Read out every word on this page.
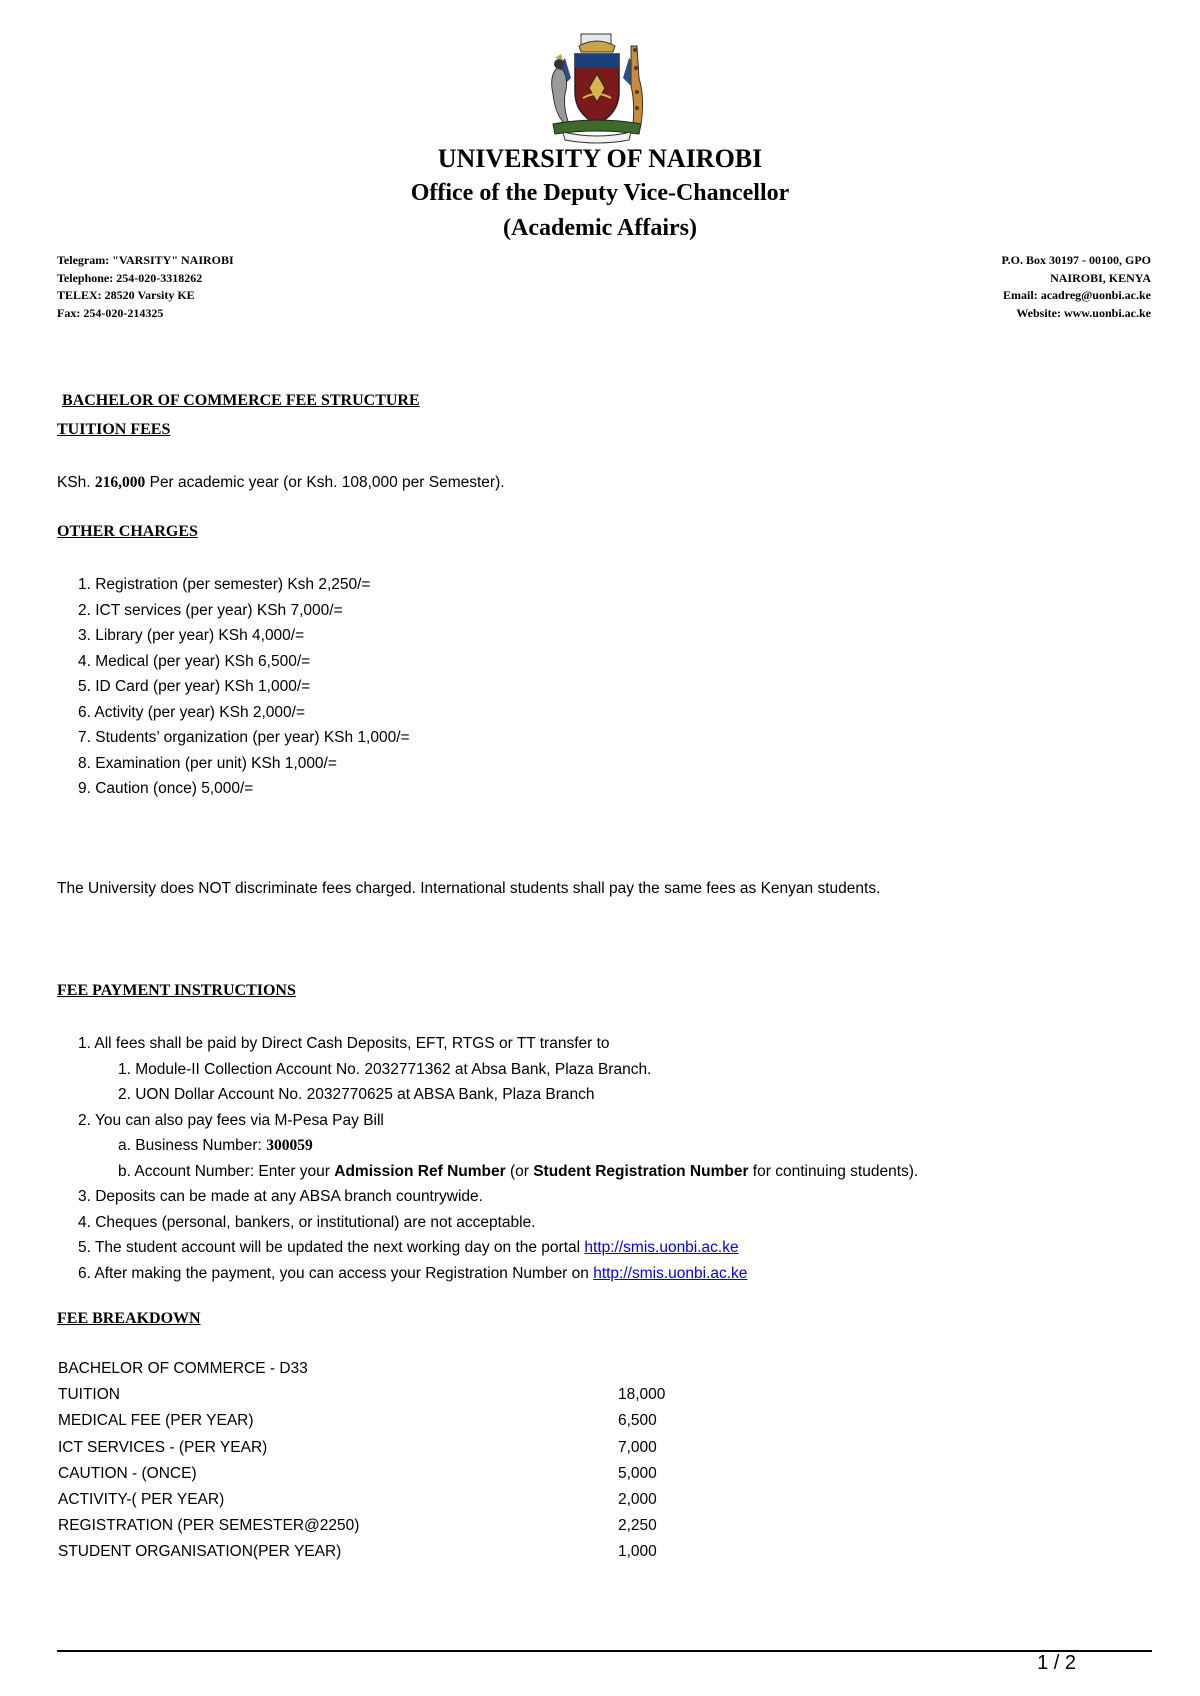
UNIVERSITY OF NAIROBI
Office of the Deputy Vice-Chancellor
(Academic Affairs)
Telegram: "VARSITY" NAIROBI
Telephone: 254-020-3318262
TELEX: 28520 Varsity KE
Fax: 254-020-214325
P.O. Box 30197 - 00100, GPO
NAIROBI, KENYA
Email: acadreg@uonbi.ac.ke
Website: www.uonbi.ac.ke
BACHELOR OF COMMERCE FEE STRUCTURE
TUITION FEES
KSh. 216,000 Per academic year (or Ksh. 108,000 per Semester).
OTHER CHARGES
1. Registration (per semester) Ksh 2,250/=
2. ICT services (per year) KSh 7,000/=
3. Library (per year) KSh 4,000/=
4. Medical (per year) KSh 6,500/=
5. ID Card (per year) KSh 1,000/=
6. Activity (per year) KSh 2,000/=
7. Students’ organization (per year) KSh 1,000/=
8. Examination (per unit) KSh 1,000/=
9. Caution (once) 5,000/=
The University does NOT discriminate fees charged. International students shall pay the same fees as Kenyan students.
FEE PAYMENT INSTRUCTIONS
1. All fees shall be paid by Direct Cash Deposits, EFT, RTGS or TT transfer to
1. Module-II Collection Account No. 2032771362 at Absa Bank, Plaza Branch.
2. UON Dollar Account No. 2032770625 at ABSA Bank, Plaza Branch
2. You can also pay fees via M-Pesa Pay Bill
a. Business Number: 300059
b. Account Number: Enter your Admission Ref Number (or Student Registration Number for continuing students).
3. Deposits can be made at any ABSA branch countrywide.
4. Cheques (personal, bankers, or institutional) are not acceptable.
5. The student account will be updated the next working day on the portal http://smis.uonbi.ac.ke
6. After making the payment, you can access your Registration Number on http://smis.uonbi.ac.ke
FEE BREAKDOWN
BACHELOR OF COMMERCE - D33
TUITION	18,000
MEDICAL FEE (PER YEAR)	6,500
ICT SERVICES - (PER YEAR)	7,000
CAUTION - (ONCE)	5,000
ACTIVITY-( PER YEAR)	2,000
REGISTRATION (PER SEMESTER@2250)	2,250
STUDENT ORGANISATION(PER YEAR)	1,000
1 / 2
